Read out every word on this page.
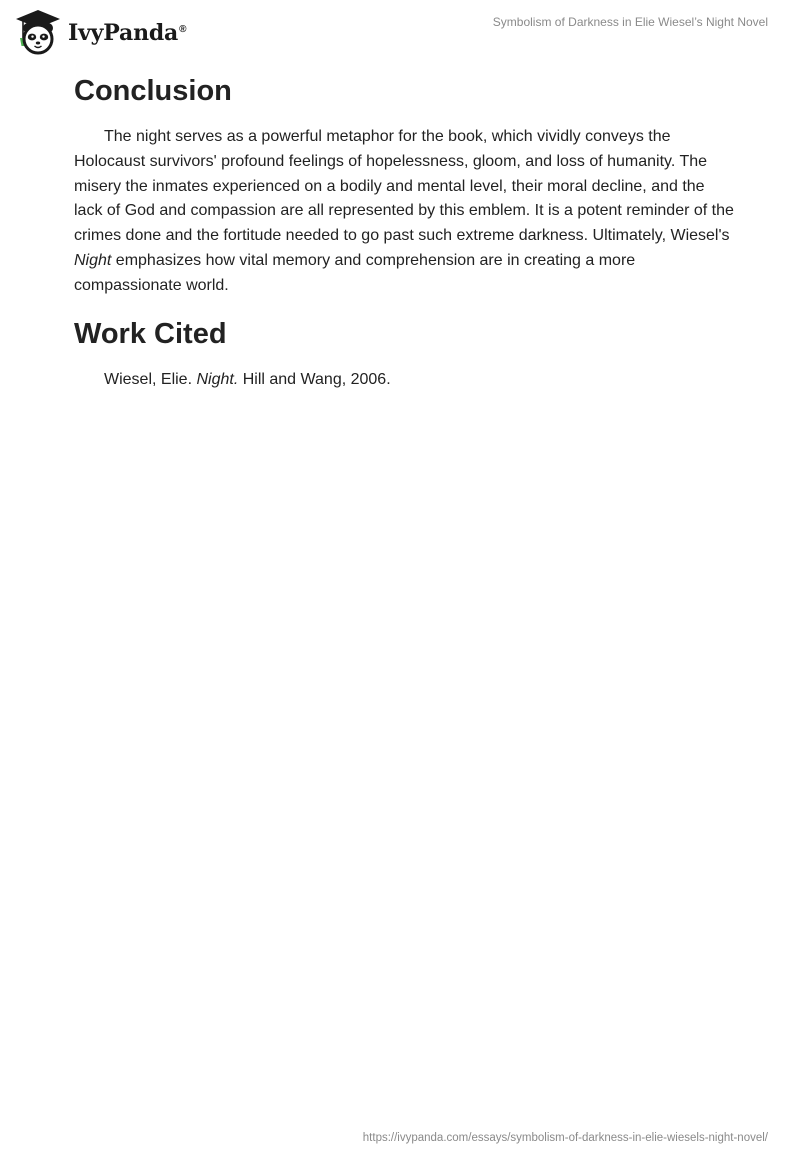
IvyPanda®
Symbolism of Darkness in Elie Wiesel’s Night Novel
Conclusion

The night serves as a powerful metaphor for the book, which vividly conveys the Holocaust survivors' profound feelings of hopelessness, gloom, and loss of humanity. The misery the inmates experienced on a bodily and mental level, their moral decline, and the lack of God and compassion are all represented by this emblem. It is a potent reminder of the crimes done and the fortitude needed to go past such extreme darkness. Ultimately, Wiesel's Night emphasizes how vital memory and comprehension are in creating a more compassionate world.

Work Cited

Wiesel, Elie. Night. Hill and Wang, 2006.

https://ivypanda.com/essays/symbolism-of-darkness-in-elie-wiesels-night-novel/
